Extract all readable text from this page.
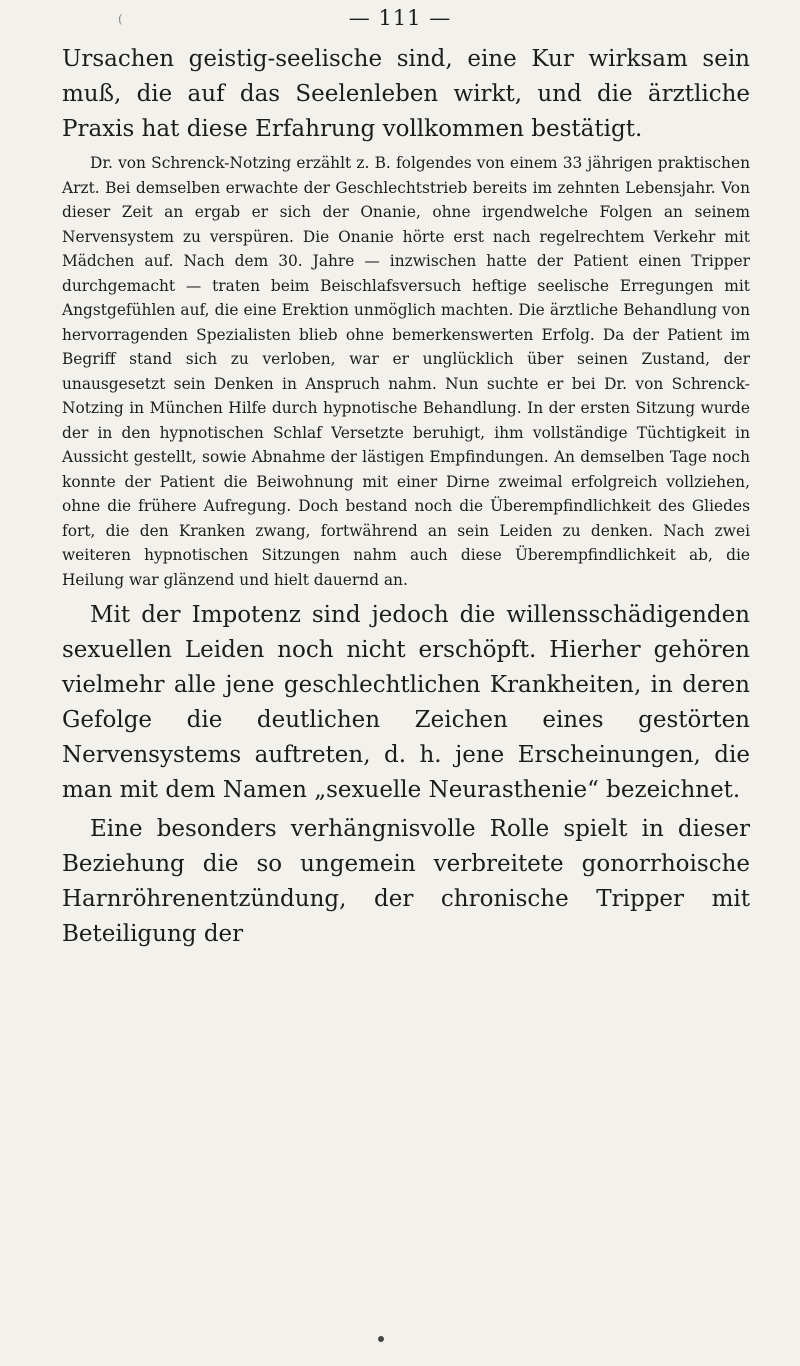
(	— 111 —

Ursachen geistig-seelische sind, eine Kur wirksam sein muß, die auf das Seelenleben wirkt, und die ärztliche Praxis hat diese Erfahrung vollkommen bestätigt.

Dr. von Schrenck-Notzing erzählt z. B. folgendes von einem 33 jährigen praktischen Arzt. Bei demselben erwachte der Geschlechtstrieb bereits im zehnten Lebensjahr. Von dieser Zeit an ergab er sich der Onanie, ohne irgendwelche Folgen an seinem Nervensystem zu verspüren. Die Onanie hörte erst nach regelrechtem Verkehr mit Mädchen auf. Nach dem 30. Jahre — inzwischen hatte der Patient einen Tripper durchgemacht — traten beim Beischlafsversuch heftige seelische Erregungen mit Angstgefühlen auf, die eine Erektion unmöglich machten. Die ärztliche Behandlung von hervorragenden Spezialisten blieb ohne bemerkenswerten Erfolg. Da der Patient im Begriff stand sich zu verloben, war er unglücklich über seinen Zustand, der unausgesetzt sein Denken in Anspruch nahm. Nun suchte er bei Dr. von Schrenck-Notzing in München Hilfe durch hypnotische Behandlung. In der ersten Sitzung wurde der in den hypnotischen Schlaf Versetzte beruhigt, ihm vollständige Tüchtigkeit in Aussicht gestellt, sowie Abnahme der lästigen Empfindungen. An demselben Tage noch konnte der Patient die Beiwohnung mit einer Dirne zweimal erfolgreich vollziehen, ohne die frühere Aufregung. Doch bestand noch die Überempfindlichkeit des Gliedes fort, die den Kranken zwang, fortwährend an sein Leiden zu denken. Nach zwei weiteren hypnotischen Sitzungen nahm auch diese Überempfindlichkeit ab, die Heilung war glänzend und hielt dauernd an.

Mit der Impotenz sind jedoch die willensschädigenden sexuellen Leiden noch nicht erschöpft. Hierher gehören vielmehr alle jene geschlechtlichen Krankheiten, in deren Gefolge die deutlichen Zeichen eines gestörten Nervensystems auftreten, d. h. jene Erscheinungen, die man mit dem Namen „sexuelle Neurasthenie“ bezeichnet.

Eine besonders verhängnisvolle Rolle spielt in dieser Beziehung die so ungemein verbreitete gonorrhoische Harnröhrenentzündung, der chronische Tripper mit Beteiligung der
